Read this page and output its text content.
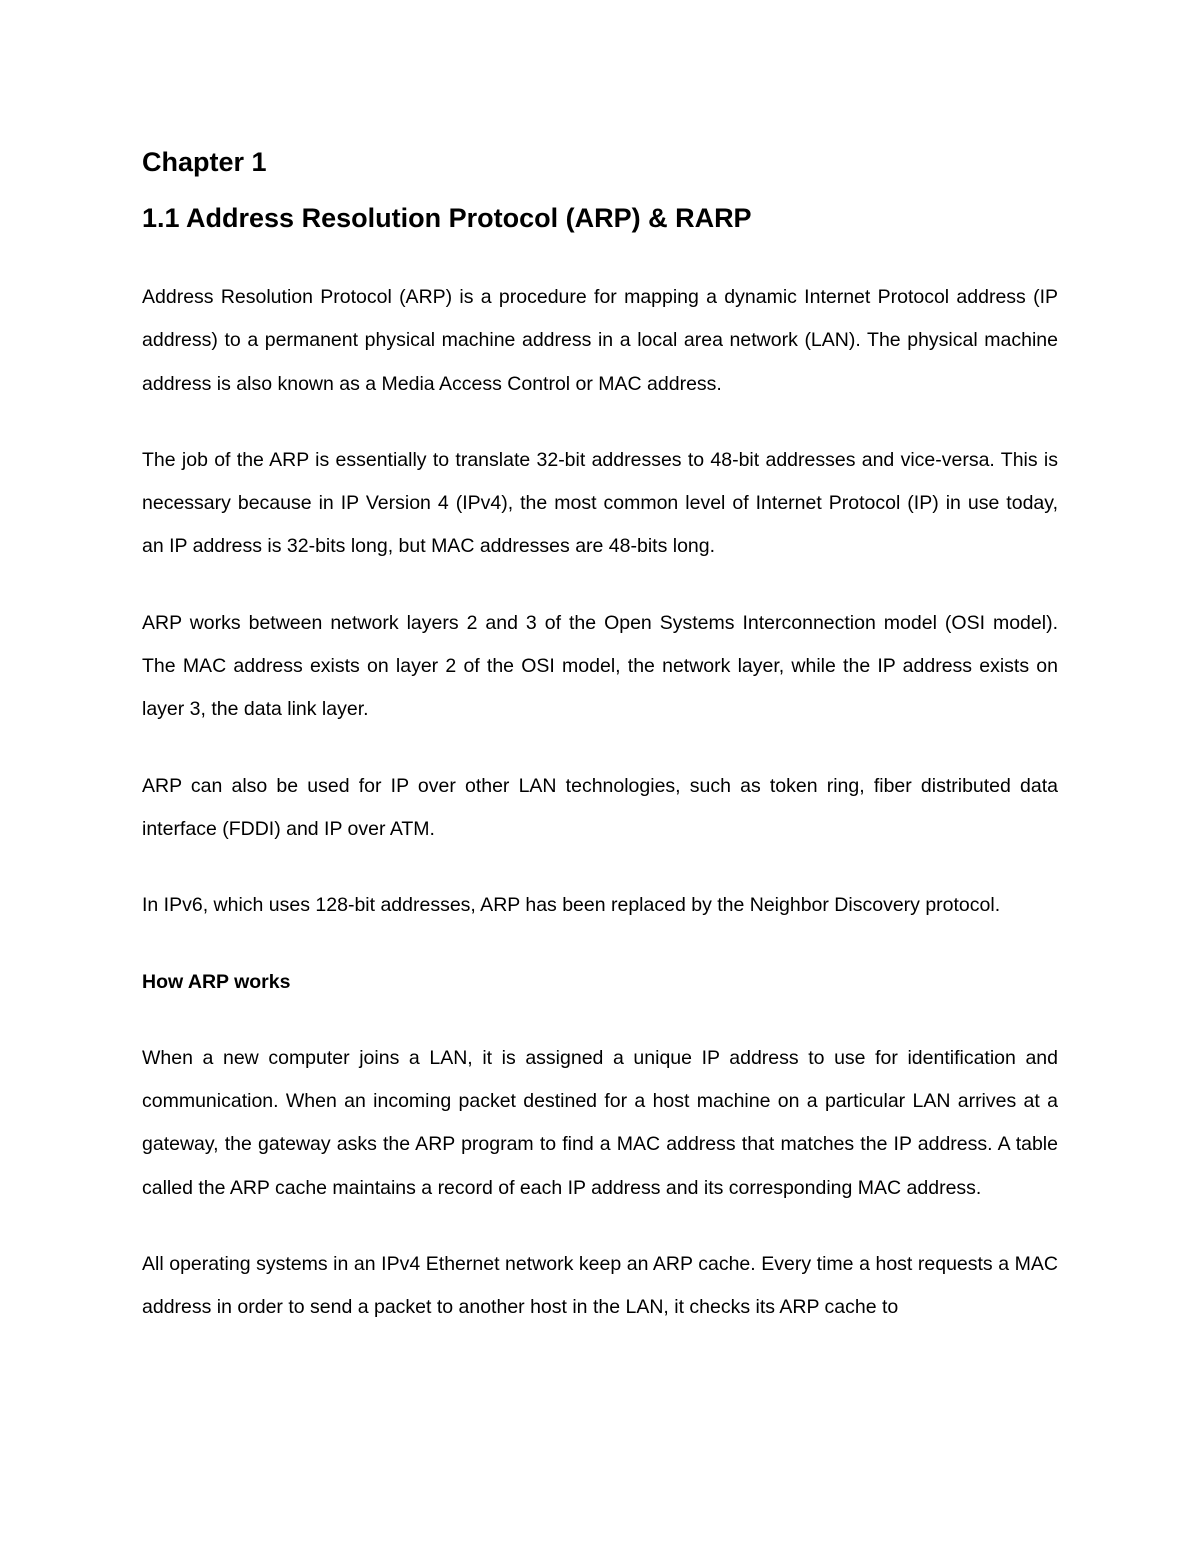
Chapter 1
1.1 Address Resolution Protocol (ARP) & RARP

Address Resolution Protocol (ARP) is a procedure for mapping a dynamic Internet Protocol address (IP address) to a permanent physical machine address in a local area network (LAN). The physical machine address is also known as a Media Access Control or MAC address.

The job of the ARP is essentially to translate 32-bit addresses to 48-bit addresses and vice-versa. This is necessary because in IP Version 4 (IPv4), the most common level of Internet Protocol (IP) in use today, an IP address is 32-bits long, but MAC addresses are 48-bits long.

ARP works between network layers 2 and 3 of the Open Systems Interconnection model (OSI model). The MAC address exists on layer 2 of the OSI model, the network layer, while the IP address exists on layer 3, the data link layer.

ARP can also be used for IP over other LAN technologies, such as token ring, fiber distributed data interface (FDDI) and IP over ATM.

In IPv6, which uses 128-bit addresses, ARP has been replaced by the Neighbor Discovery protocol.

How ARP works

When a new computer joins a LAN, it is assigned a unique IP address to use for identification and communication. When an incoming packet destined for a host machine on a particular LAN arrives at a gateway, the gateway asks the ARP program to find a MAC address that matches the IP address. A table called the ARP cache maintains a record of each IP address and its corresponding MAC address.

All operating systems in an IPv4 Ethernet network keep an ARP cache. Every time a host requests a MAC address in order to send a packet to another host in the LAN, it checks its ARP cache to
